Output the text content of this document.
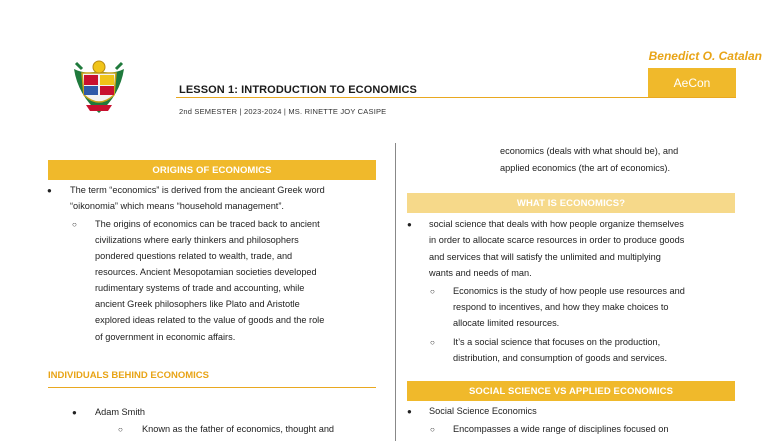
Benedict O. Catalan
AeCon
LESSON 1: INTRODUCTION TO ECONOMICS
2nd SEMESTER | 2023-2024 | MS. RINETTE JOY CASIPE
ORIGINS OF ECONOMICS
● The term “economics” is derived from the ancieant Greek word
“oikonomia” which means “household management”.
○ The origins of economics can be traced back to ancient
civilizations where early thinkers and philosophers
pondered questions related to wealth, trade, and
resources. Ancient Mesopotamian societies developed
rudimentary systems of trade and accounting, while
ancient Greek philosophers like Plato and Aristotle
explored ideas related to the value of goods and the role
of government in economic affairs.
INDIVIDUALS BEHIND ECONOMICS
● Adam Smith
○ Known as the father of economics, thought and
economics (deals with what should be), and
applied economics (the art of economics).
WHAT IS ECONOMICS?
● social science that deals with how people organize themselves
in order to allocate scarce resources in order to produce goods
and services that will satisfy the unlimited and multiplying
wants and needs of man.
○ Economics is the study of how people use resources and
respond to incentives, and how they make choices to
allocate limited resources.
○ It’s a social science that focuses on the production,
distribution, and consumption of goods and services.
SOCIAL SCIENCE VS APPLIED ECONOMICS
● Social Science Economics
○ Encompasses a wide range of disciplines focused on
